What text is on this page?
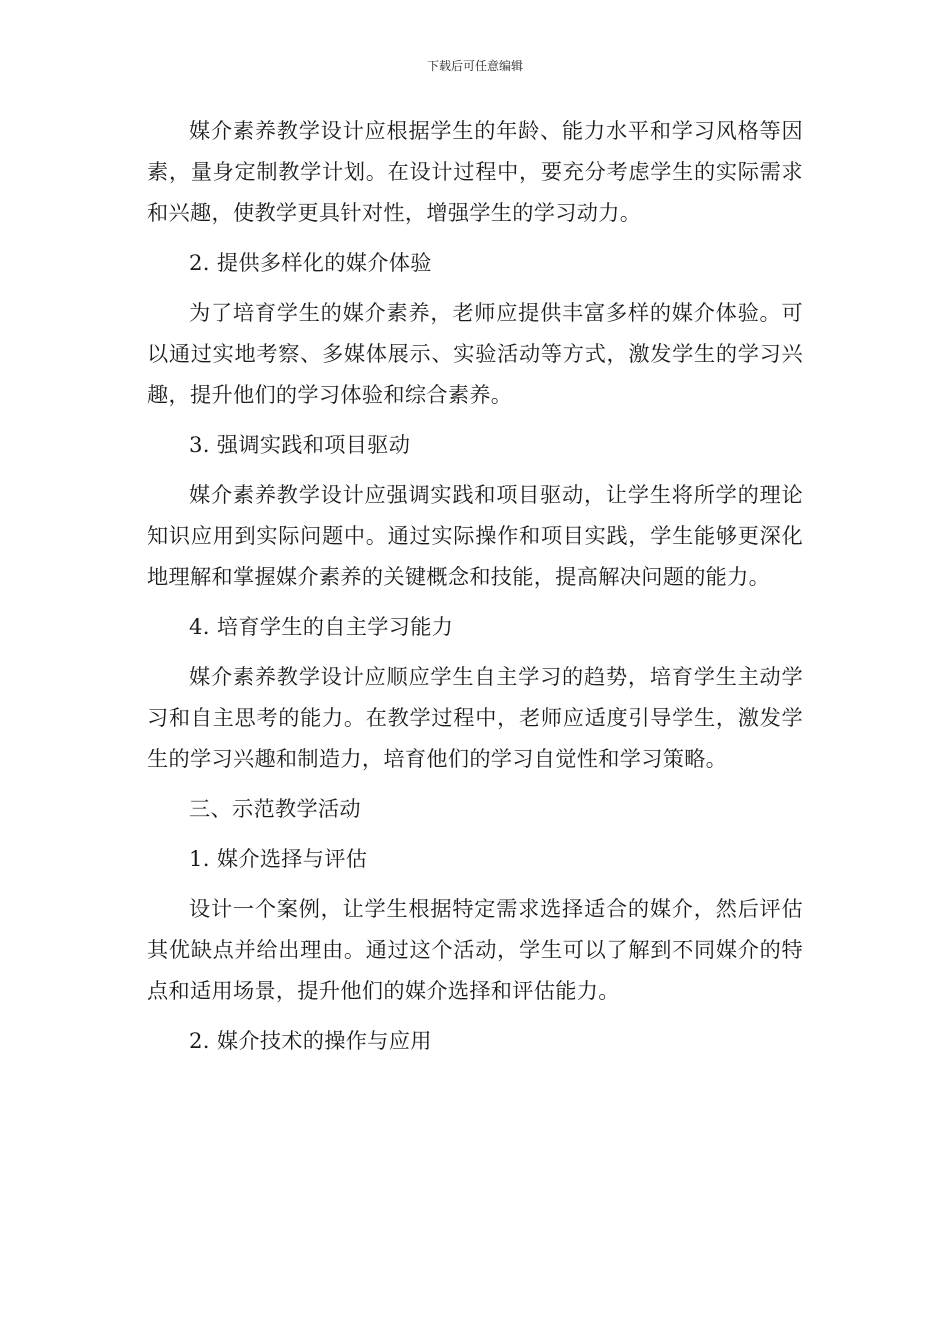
下载后可任意编辑

媒介素养教学设计应根据学生的年龄、能力水平和学习风格等因素，量身定制教学计划。在设计过程中，要充分考虑学生的实际需求和兴趣，使教学更具针对性，增强学生的学习动力。

2. 提供多样化的媒介体验

为了培育学生的媒介素养，老师应提供丰富多样的媒介体验。可以通过实地考察、多媒体展示、实验活动等方式，激发学生的学习兴趣，提升他们的学习体验和综合素养。

3. 强调实践和项目驱动

媒介素养教学设计应强调实践和项目驱动，让学生将所学的理论知识应用到实际问题中。通过实际操作和项目实践，学生能够更深化地理解和掌握媒介素养的关键概念和技能，提高解决问题的能力。

4. 培育学生的自主学习能力

媒介素养教学设计应顺应学生自主学习的趋势，培育学生主动学习和自主思考的能力。在教学过程中，老师应适度引导学生，激发学生的学习兴趣和制造力，培育他们的学习自觉性和学习策略。

三、示范教学活动

1. 媒介选择与评估

设计一个案例，让学生根据特定需求选择适合的媒介，然后评估其优缺点并给出理由。通过这个活动，学生可以了解到不同媒介的特点和适用场景，提升他们的媒介选择和评估能力。

2. 媒介技术的操作与应用
